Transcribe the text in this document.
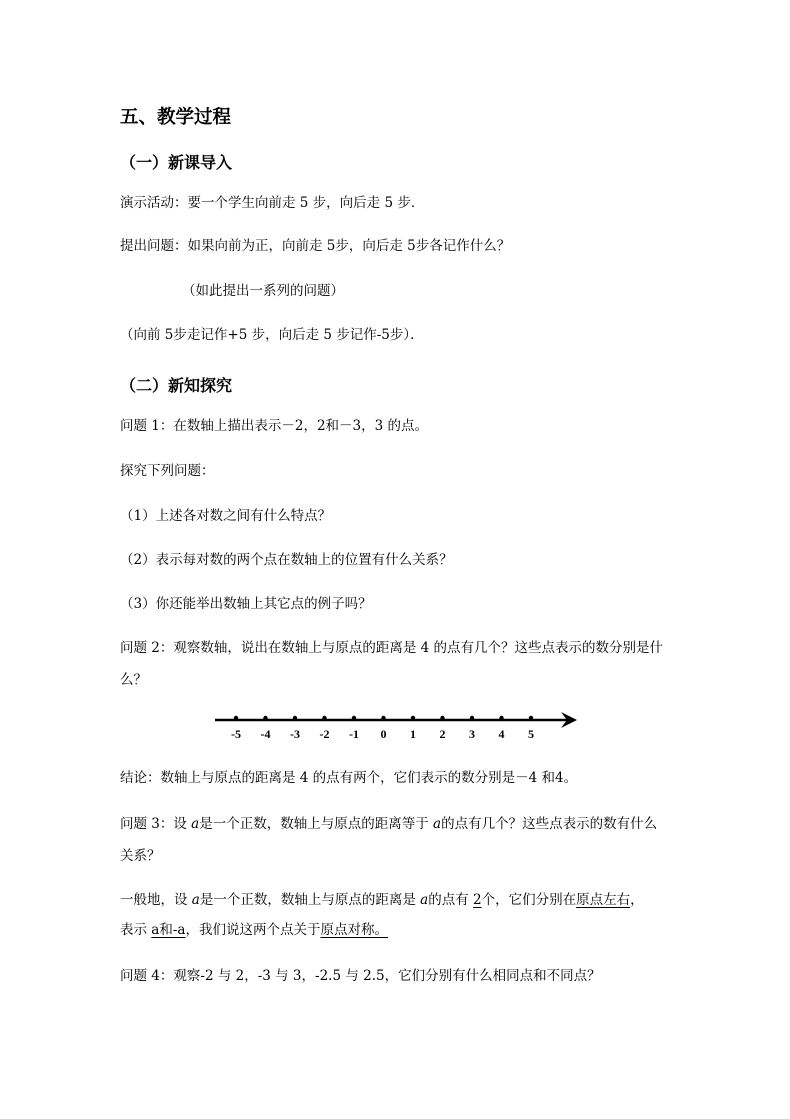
五、教学过程
（一）新课导入
演示活动：要一个学生向前走 5 步，向后走 5 步．
提出问题：如果向前为正，向前走 5步，向后走 5步各记作什么？
（如此提出一系列的问题）
（向前 5步走记作+5 步，向后走 5 步记作-5步）．
（二）新知探究
问题 1：在数轴上描出表示－2，2和－3，3 的点。
探究下列问题：
（1）上述各对数之间有什么特点？
（2）表示每对数的两个点在数轴上的位置有什么关系？
（3）你还能举出数轴上其它点的例子吗？
问题 2：观察数轴，说出在数轴上与原点的距离是 4 的点有几个？这些点表示的数分别是什
么？
-5 -4 -3 -2 -1 0 1 2 3 4 5
结论：数轴上与原点的距离是 4 的点有两个，它们表示的数分别是－4 和4。
问题 3：设 a是一个正数，数轴上与原点的距离等于 a的点有几个？这些点表示的数有什么
关系？
一般地，设 a是一个正数，数轴上与原点的距离是 a的点有 2个，它们分别在原点左右，
表示 a和-a，我们说这两个点关于原点对称。
问题 4：观察-2 与 2，-3 与 3，-2.5 与 2.5，它们分别有什么相同点和不同点？
